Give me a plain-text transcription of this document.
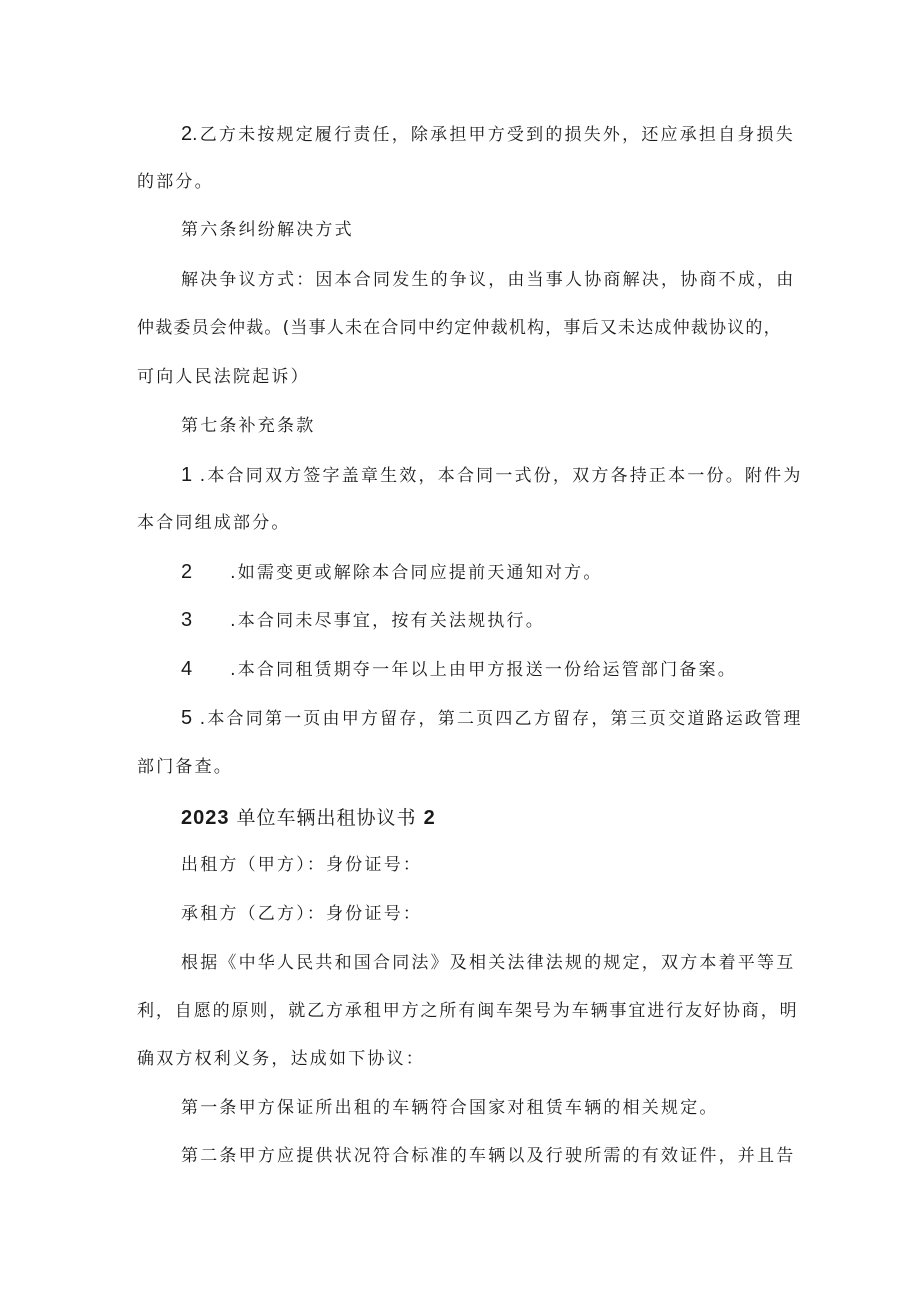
2.乙方未按规定履行责任，除承担甲方受到的损失外，还应承担自身损失
的部分。
第六条纠纷解决方式
解决争议方式：因本合同发生的争议，由当事人协商解决，协商不成，由
仲裁委员会仲裁。(当事人未在合同中约定仲裁机构，事后又未达成仲裁协议的，
可向人民法院起诉）
第七条补充条款
1 .本合同双方签字盖章生效，本合同一式份，双方各持正本一份。附件为
本合同组成部分。
2 .如需变更或解除本合同应提前天通知对方。
3 .本合同未尽事宜，按有关法规执行。
4 .本合同租赁期夺一年以上由甲方报送一份给运管部门备案。
5 .本合同第一页由甲方留存，第二页四乙方留存，第三页交道路运政管理
部门备查。
2023 单位车辆出租协议书 2
出租方（甲方）：身份证号：
承租方（乙方）：身份证号：
根据《中华人民共和国合同法》及相关法律法规的规定，双方本着平等互
利，自愿的原则，就乙方承租甲方之所有闽车架号为车辆事宜进行友好协商，明
确双方权利义务，达成如下协议：
第一条甲方保证所出租的车辆符合国家对租赁车辆的相关规定。
第二条甲方应提供状况符合标准的车辆以及行驶所需的有效证件，并且告
